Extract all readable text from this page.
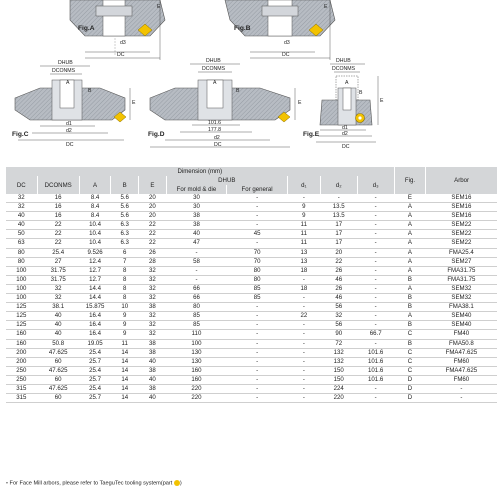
Fig.A
E
d3
DC
Fig.B
E
d3
DC
DHUB
DCONMS
A
B
E
Fig.C
d1
d2
DC
DHUB
DCONMS
A
B
E
Fig.D
101.6
177.8
d2
DC
DHUB
DCONMS
A
B
E
Fig.E
d1
d2
DC
Dimension (mm)										Fig.	Arbor
DC	DCONMS	A	B	E	DHUB		d₁	d₂	d₃		
					For mold & die	For general					
32	16	8.4	5.6	20	30	-	-	-	-	E	SEM16
32	16	8.4	5.6	20	30	-	9	13.5	-	A	SEM16
40	16	8.4	5.6	20	38	-	9	13.5	-	A	SEM16
40	22	10.4	6.3	22	38	-	11	17	-	A	SEM22
50	22	10.4	6.3	22	40	45	11	17	-	A	SEM22
63	22	10.4	6.3	22	47	-	11	17	-	A	SEM22
80	25.4	9.526	6	26	-	70	13	20	-	A	FMA25.4
80	27	12.4	7	28	58	70	13	22	-	A	SEM27
100	31.75	12.7	8	32	-	80	18	26	-	A	FMA31.75
100	31.75	12.7	8	32	-	80	-	46	-	B	FMA31.75
100	32	14.4	8	32	66	85	18	26	-	A	SEM32
100	32	14.4	8	32	66	85	-	46	-	B	SEM32
125	38.1	15.875	10	38	80	-	-	56	-	B	FMA38.1
125	40	16.4	9	32	85	-	22	32	-	A	SEM40
125	40	16.4	9	32	85	-	-	56	-	B	SEM40
160	40	16.4	9	32	110	-	-	90	66.7	C	FM40
160	50.8	19.05	11	38	100	-	-	72	-	B	FMA50.8
200	47.625	25.4	14	38	130	-	-	132	101.6	C	FMA47.625
200	60	25.7	14	40	130	-	-	132	101.6	C	FM60
250	47.625	25.4	14	38	160	-	-	150	101.6	C	FMA47.625
250	60	25.7	14	40	160	-	-	150	101.6	D	FM60
315	47.625	25.4	14	38	220	-	-	224	-	D	-
315	60	25.7	14	40	220	-	-	220	-	D	-
• For Face Mill arbors, please refer to TaeguTec tooling system(part )
